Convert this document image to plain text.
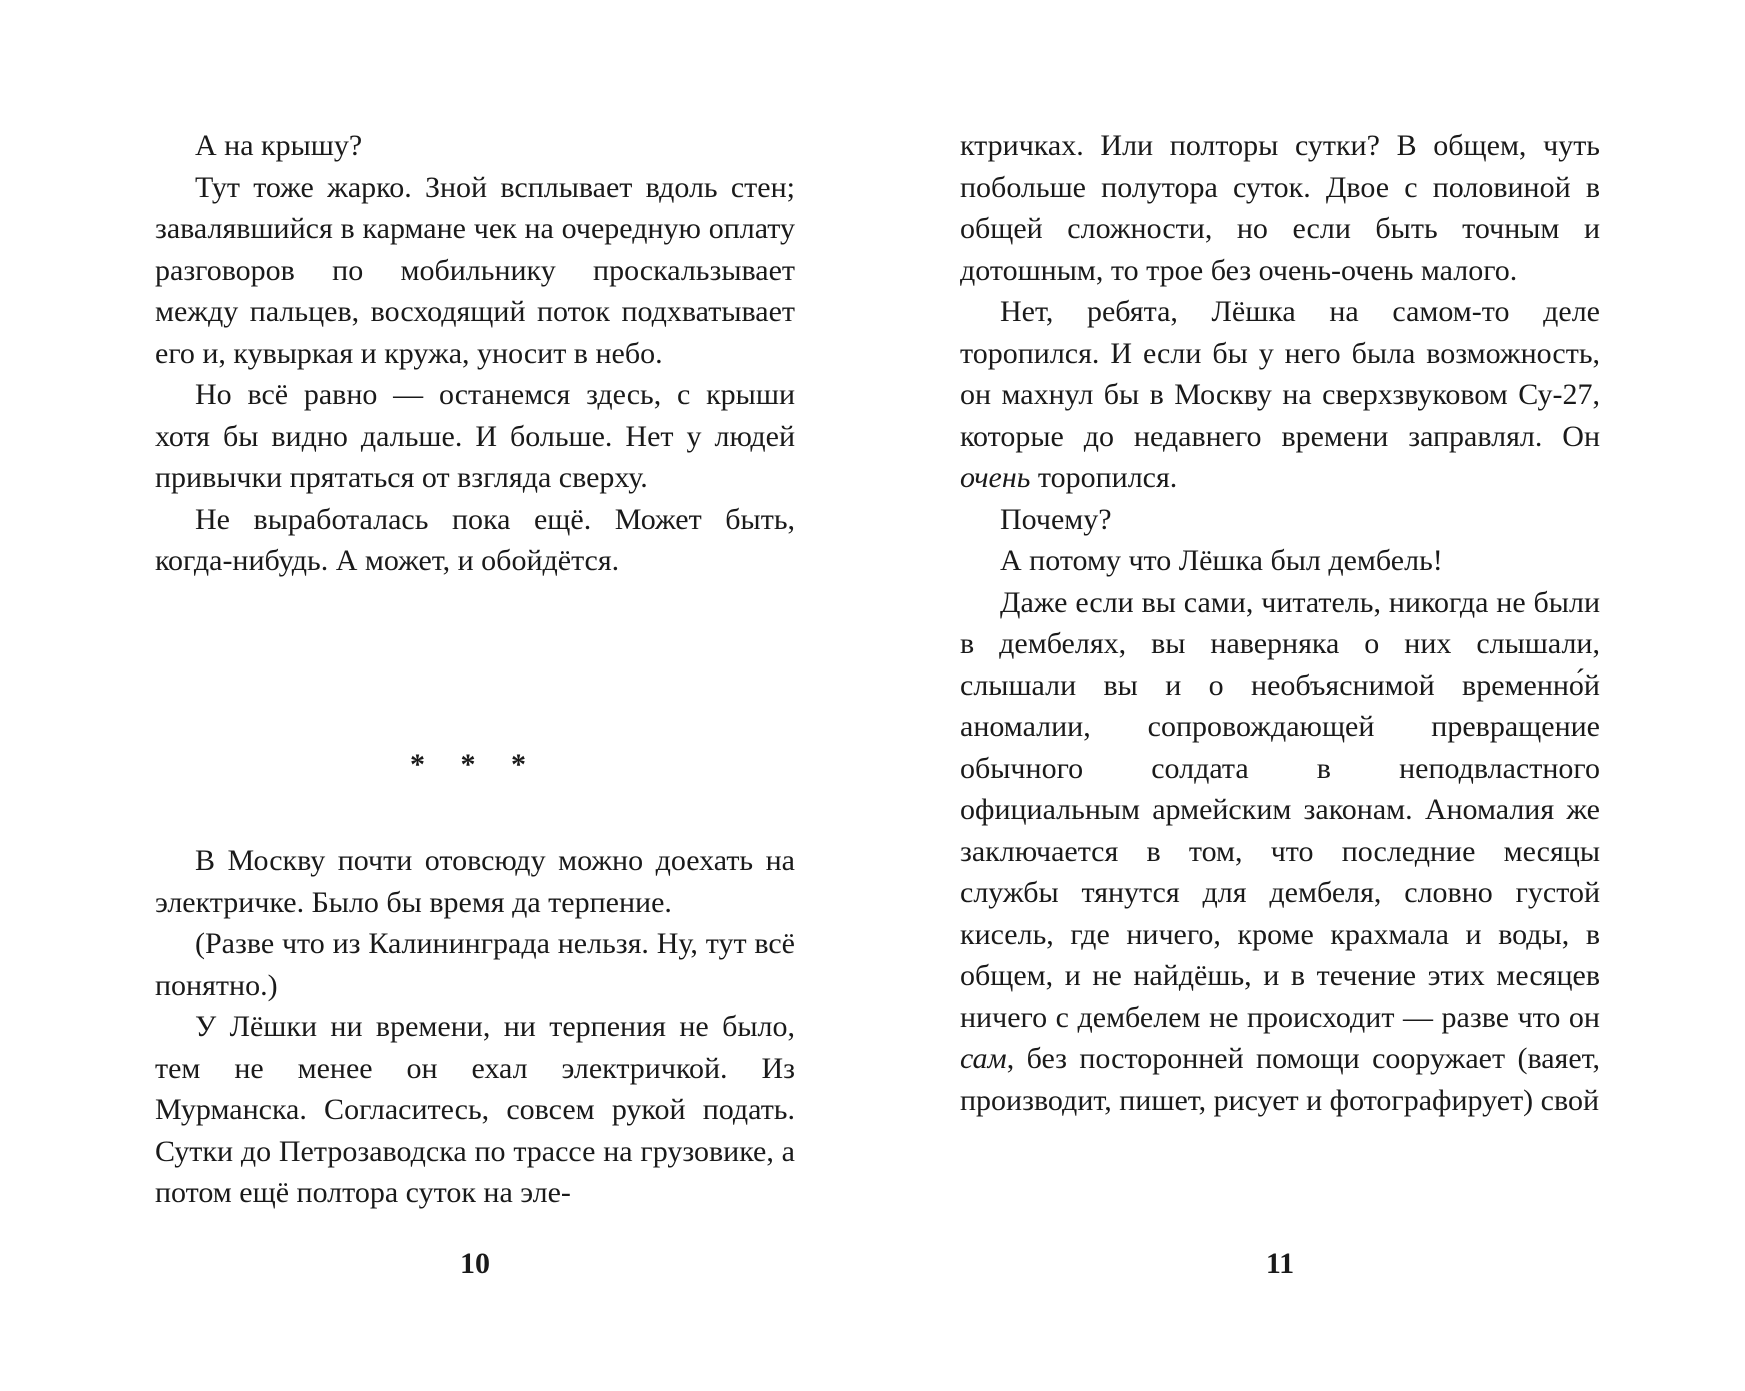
А на крышу?

Тут тоже жарко. Зной всплывает вдоль стен; завалявшийся в кармане чек на очередную оплату разговоров по мобильнику проскальзывает между пальцев, восходящий поток подхватывает его и, кувыркая и кружа, уносит в небо.

Но всё равно — останемся здесь, с крыши хотя бы видно дальше. И больше. Нет у людей привычки прятаться от взгляда сверху.

Не выработалась пока ещё. Может быть, когда-нибудь. А может, и обойдётся.

* * *

В Москву почти отовсюду можно доехать на электричке. Было бы время да терпение.

(Разве что из Калининграда нельзя. Ну, тут всё понятно.)

У Лёшки ни времени, ни терпения не было, тем не менее он ехал электричкой. Из Мурманска. Согласитесь, совсем рукой подать. Сутки до Петрозаводска по трассе на грузовике, а потом ещё полтора суток на эле-

10

ктричках. Или полторы сутки? В общем, чуть побольше полутора суток. Двое с половиной в общей сложности, но если быть точным и дотошным, то трое без очень-очень малого.

Нет, ребята, Лёшка на самом-то деле торопился. И если бы у него была возможность, он махнул бы в Москву на сверхзвуковом Су-27, которые до недавнего времени заправлял. Он очень торопился.

Почему?

А потому что Лёшка был дембель!

Даже если вы сами, читатель, никогда не были в дембелях, вы наверняка о них слышали, слышали вы и о необъяснимой временно́й аномалии, сопровождающей превращение обычного солдата в неподвластного официальным армейским законам. Аномалия же заключается в том, что последние месяцы службы тянутся для дембеля, словно густой кисель, где ничего, кроме крахмала и воды, в общем, и не найдёшь, и в течение этих месяцев ничего с дембелем не происходит — разве что он сам, без посторонней помощи сооружает (ваяет, производит, пишет, рисует и фотографирует) свой

11
